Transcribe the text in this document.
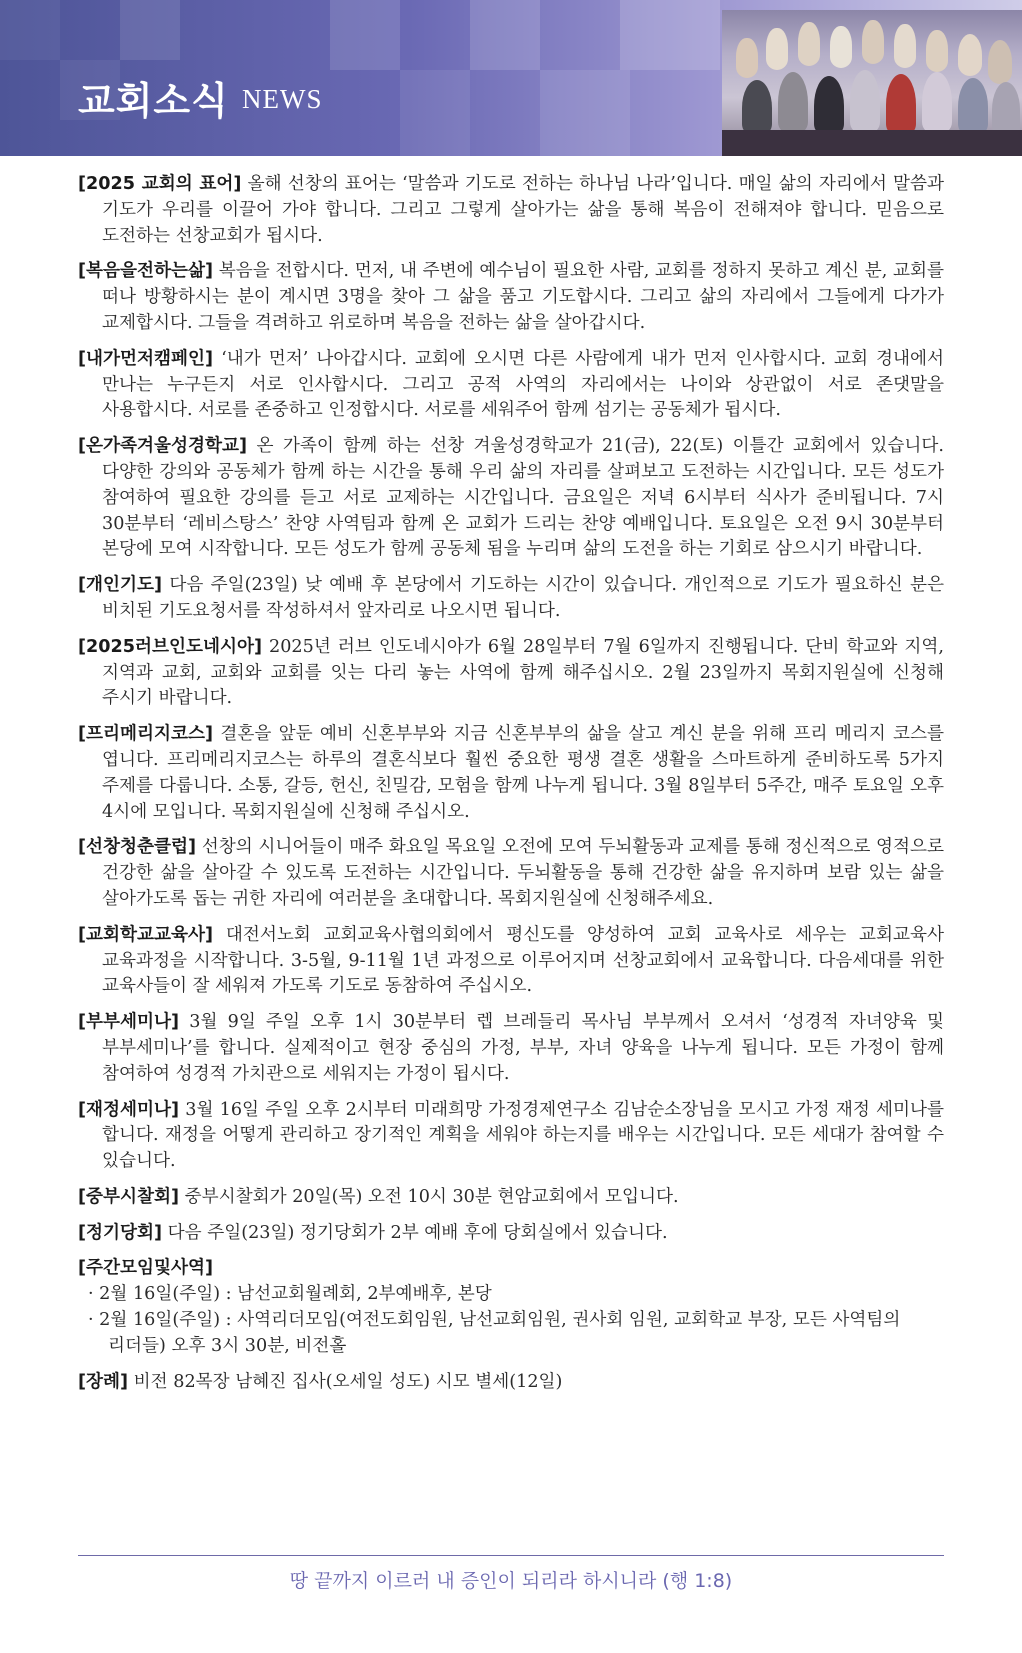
교회소식 NEWS
[2025 교회의 표어] 올해 선창의 표어는 ‘말씀과 기도로 전하는 하나님 나라’입니다. 매일 삶의 자리에서 말씀과 기도가 우리를 이끌어 가야 합니다. 그리고 그렇게 살아가는 삶을 통해 복음이 전해져야 합니다. 믿음으로 도전하는 선창교회가 됩시다.
[복음을전하는삶] 복음을 전합시다. 먼저, 내 주변에 예수님이 필요한 사람, 교회를 정하지 못하고 계신 분, 교회를 떠나 방황하시는 분이 계시면 3명을 찾아 그 삶을 품고 기도합시다. 그리고 삶의 자리에서 그들에게 다가가 교제합시다. 그들을 격려하고 위로하며 복음을 전하는 삶을 살아갑시다.
[내가먼저캠페인] ‘내가 먼저’ 나아갑시다. 교회에 오시면 다른 사람에게 내가 먼저 인사합시다. 교회 경내에서 만나는 누구든지 서로 인사합시다. 그리고 공적 사역의 자리에서는 나이와 상관없이 서로 존댓말을 사용합시다. 서로를 존중하고 인정합시다. 서로를 세워주어 함께 섬기는 공동체가 됩시다.
[온가족겨울성경학교] 온 가족이 함께 하는 선창 겨울성경학교가 21(금), 22(토) 이틀간 교회에서 있습니다. 다양한 강의와 공동체가 함께 하는 시간을 통해 우리 삶의 자리를 살펴보고 도전하는 시간입니다. 모든 성도가 참여하여 필요한 강의를 듣고 서로 교제하는 시간입니다. 금요일은 저녁 6시부터 식사가 준비됩니다. 7시 30분부터 ‘레비스탕스’ 찬양 사역팀과 함께 온 교회가 드리는 찬양 예배입니다. 토요일은 오전 9시 30분부터 본당에 모여 시작합니다. 모든 성도가 함께 공동체 됨을 누리며 삶의 도전을 하는 기회로 삼으시기 바랍니다.
[개인기도] 다음 주일(23일) 낮 예배 후 본당에서 기도하는 시간이 있습니다. 개인적으로 기도가 필요하신 분은 비치된 기도요청서를 작성하셔서 앞자리로 나오시면 됩니다.
[2025러브인도네시아] 2025년 러브 인도네시아가 6월 28일부터 7월 6일까지 진행됩니다. 단비 학교와 지역, 지역과 교회, 교회와 교회를 잇는 다리 놓는 사역에 함께 해주십시오. 2월 23일까지 목회지원실에 신청해 주시기 바랍니다.
[프리메리지코스] 결혼을 앞둔 예비 신혼부부와 지금 신혼부부의 삶을 살고 계신 분을 위해 프리 메리지 코스를 엽니다. 프리메리지코스는 하루의 결혼식보다 훨씬 중요한 평생 결혼 생활을 스마트하게 준비하도록 5가지 주제를 다룹니다. 소통, 갈등, 헌신, 친밀감, 모험을 함께 나누게 됩니다. 3월 8일부터 5주간, 매주 토요일 오후 4시에 모입니다. 목회지원실에 신청해 주십시오.
[선창청춘클럽] 선창의 시니어들이 매주 화요일 목요일 오전에 모여 두뇌활동과 교제를 통해 정신적으로 영적으로 건강한 삶을 살아갈 수 있도록 도전하는 시간입니다. 두뇌활동을 통해 건강한 삶을 유지하며 보람 있는 삶을 살아가도록 돕는 귀한 자리에 여러분을 초대합니다. 목회지원실에 신청해주세요.
[교회학교교육사] 대전서노회 교회교육사협의회에서 평신도를 양성하여 교회 교육사로 세우는 교회교육사 교육과정을 시작합니다. 3-5월, 9-11월 1년 과정으로 이루어지며 선창교회에서 교육합니다. 다음세대를 위한 교육사들이 잘 세워져 가도록 기도로 동참하여 주십시오.
[부부세미나] 3월 9일 주일 오후 1시 30분부터 렙 브레들리 목사님 부부께서 오셔서 ‘성경적 자녀양육 및 부부세미나’를 합니다. 실제적이고 현장 중심의 가정, 부부, 자녀 양육을 나누게 됩니다. 모든 가정이 함께 참여하여 성경적 가치관으로 세워지는 가정이 됩시다.
[재정세미나] 3월 16일 주일 오후 2시부터 미래희망 가정경제연구소 김남순소장님을 모시고 가정 재정 세미나를 합니다. 재정을 어떻게 관리하고 장기적인 계획을 세워야 하는지를 배우는 시간입니다. 모든 세대가 참여할 수 있습니다.
[중부시찰회] 중부시찰회가 20일(목) 오전 10시 30분 현암교회에서 모입니다.
[정기당회] 다음 주일(23일) 정기당회가 2부 예배 후에 당회실에서 있습니다.
[주간모임및사역]
· 2월 16일(주일) : 남선교회월례회, 2부예배후, 본당
· 2월 16일(주일) : 사역리더모임(여전도회임원, 남선교회임원, 권사회 임원, 교회학교 부장, 모든 사역팀의 리더들) 오후 3시 30분, 비전홀
[장례] 비전 82목장 남혜진 집사(오세일 성도) 시모 별세(12일)
땅 끝까지 이르러 내 증인이 되리라 하시니라 (행 1:8)
